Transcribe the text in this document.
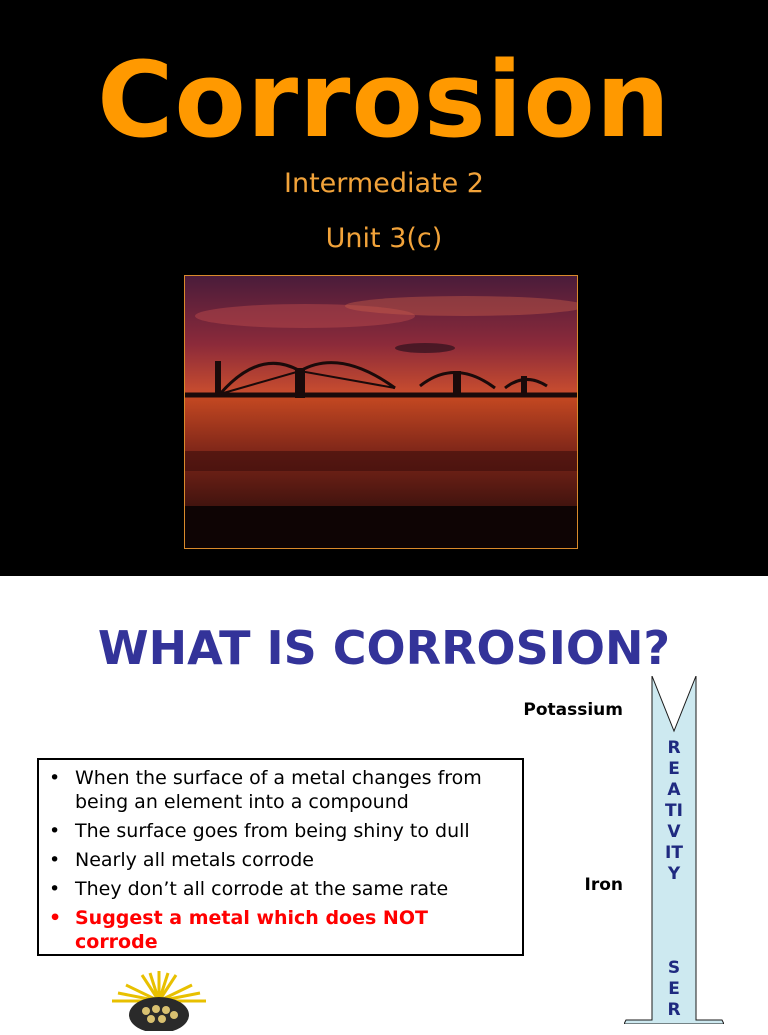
Corrosion
Intermediate 2
Unit 3(c)
WHAT IS CORROSION?
Potassium
Iron
• When the surface of a metal changes from being an element into a compound
• The surface goes from being shiny to dull
• Nearly all metals corrode
• They don’t all corrode at the same rate
• Suggest a metal which does NOT corrode
R
E
A
TI
V
IT
Y
S
E
R
